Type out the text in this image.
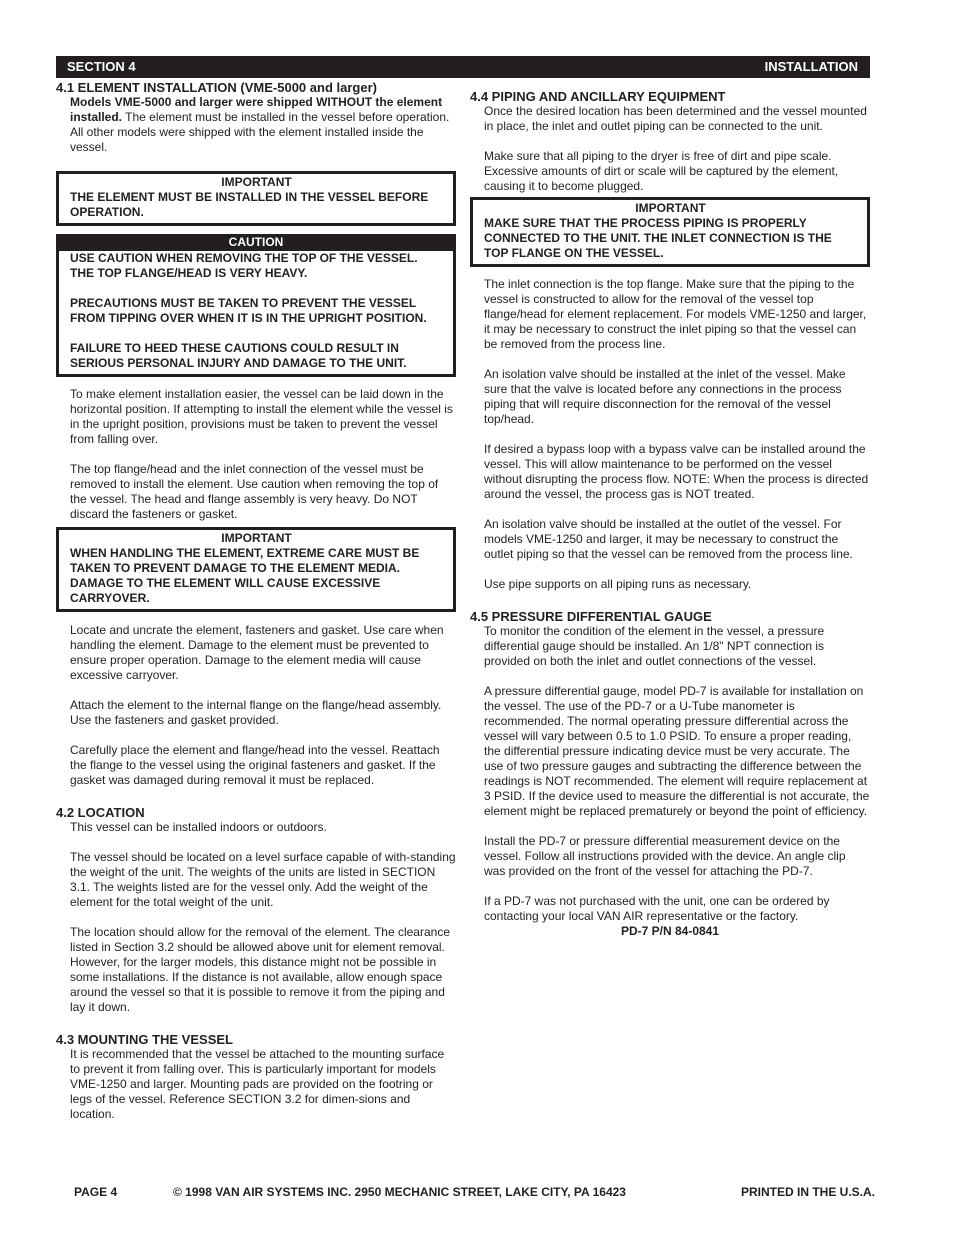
SECTION 4	INSTALLATION
4.1 ELEMENT INSTALLATION (VME-5000 and larger)
Models VME-5000 and larger were shipped WITHOUT the element installed. The element must be installed in the vessel before operation. All other models were shipped with the element installed inside the vessel.
IMPORTANT
THE ELEMENT MUST BE INSTALLED IN THE VESSEL BEFORE OPERATION.
CAUTION
USE CAUTION WHEN REMOVING THE TOP OF THE VESSEL. THE TOP FLANGE/HEAD IS VERY HEAVY.
PRECAUTIONS MUST BE TAKEN TO PREVENT THE VESSEL FROM TIPPING OVER WHEN IT IS IN THE UPRIGHT POSITION.
FAILURE TO HEED THESE CAUTIONS COULD RESULT IN SERIOUS PERSONAL INJURY AND DAMAGE TO THE UNIT.
To make element installation easier, the vessel can be laid down in the horizontal position. If attempting to install the element while the vessel is in the upright position, provisions must be taken to prevent the vessel from falling over.
The top flange/head and the inlet connection of the vessel must be removed to install the element. Use caution when removing the top of the vessel. The head and flange assembly is very heavy. Do NOT discard the fasteners or gasket.
IMPORTANT
WHEN HANDLING THE ELEMENT, EXTREME CARE MUST BE TAKEN TO PREVENT DAMAGE TO THE ELEMENT MEDIA. DAMAGE TO THE ELEMENT WILL CAUSE EXCESSIVE CARRYOVER.
Locate and uncrate the element, fasteners and gasket. Use care when handling the element. Damage to the element must be prevented to ensure proper operation. Damage to the element media will cause excessive carryover.
Attach the element to the internal flange on the flange/head assembly. Use the fasteners and gasket provided.
Carefully place the element and flange/head into the vessel. Reattach the flange to the vessel using the original fasteners and gasket. If the gasket was damaged during removal it must be replaced.
4.2 LOCATION
This vessel can be installed indoors or outdoors.
The vessel should be located on a level surface capable of with-standing the weight of the unit. The weights of the units are listed in SECTION 3.1. The weights listed are for the vessel only. Add the weight of the element for the total weight of the unit.
The location should allow for the removal of the element. The clearance listed in Section 3.2 should be allowed above unit for element removal. However, for the larger models, this distance might not be possible in some installations. If the distance is not available, allow enough space around the vessel so that it is possible to remove it from the piping and lay it down.
4.3 MOUNTING THE VESSEL
It is recommended that the vessel be attached to the mounting surface to prevent it from falling over. This is particularly important for models VME-1250 and larger. Mounting pads are provided on the footring or legs of the vessel. Reference SECTION 3.2 for dimen-sions and location.
4.4 PIPING AND ANCILLARY EQUIPMENT
Once the desired location has been determined and the vessel mounted in place, the inlet and outlet piping can be connected to the unit.
Make sure that all piping to the dryer is free of dirt and pipe scale. Excessive amounts of dirt or scale will be captured by the element, causing it to become plugged.
IMPORTANT
MAKE SURE THAT THE PROCESS PIPING IS PROPERLY CONNECTED TO THE UNIT. THE INLET CONNECTION IS THE TOP FLANGE ON THE VESSEL.
The inlet connection is the top flange. Make sure that the piping to the vessel is constructed to allow for the removal of the vessel top flange/head for element replacement. For models VME-1250 and larger, it may be necessary to construct the inlet piping so that the vessel can be removed from the process line.
An isolation valve should be installed at the inlet of the vessel. Make sure that the valve is located before any connections in the process piping that will require disconnection for the removal of the vessel top/head.
If desired a bypass loop with a bypass valve can be installed around the vessel. This will allow maintenance to be performed on the vessel without disrupting the process flow. NOTE: When the process is directed around the vessel, the process gas is NOT treated.
An isolation valve should be installed at the outlet of the vessel. For models VME-1250 and larger, it may be necessary to construct the outlet piping so that the vessel can be removed from the process line.
Use pipe supports on all piping runs as necessary.
4.5 PRESSURE DIFFERENTIAL GAUGE
To monitor the condition of the element in the vessel, a pressure differential gauge should be installed. An 1/8" NPT connection is provided on both the inlet and outlet connections of the vessel.
A pressure differential gauge, model PD-7 is available for installation on the vessel. The use of the PD-7 or a U-Tube manometer is recommended. The normal operating pressure differential across the vessel will vary between 0.5 to 1.0 PSID. To ensure a proper reading, the differential pressure indicating device must be very accurate. The use of two pressure gauges and subtracting the difference between the readings is NOT recommended. The element will require replacement at 3 PSID. If the device used to measure the differential is not accurate, the element might be replaced prematurely or beyond the point of efficiency.
Install the PD-7 or pressure differential measurement device on the vessel. Follow all instructions provided with the device. An angle clip was provided on the front of the vessel for attaching the PD-7.
If a PD-7 was not purchased with the unit, one can be ordered by contacting your local VAN AIR representative or the factory.
PD-7 P/N 84-0841
PAGE 4	© 1998 VAN AIR SYSTEMS INC. 2950 MECHANIC STREET, LAKE CITY, PA 16423	PRINTED IN THE U.S.A.
